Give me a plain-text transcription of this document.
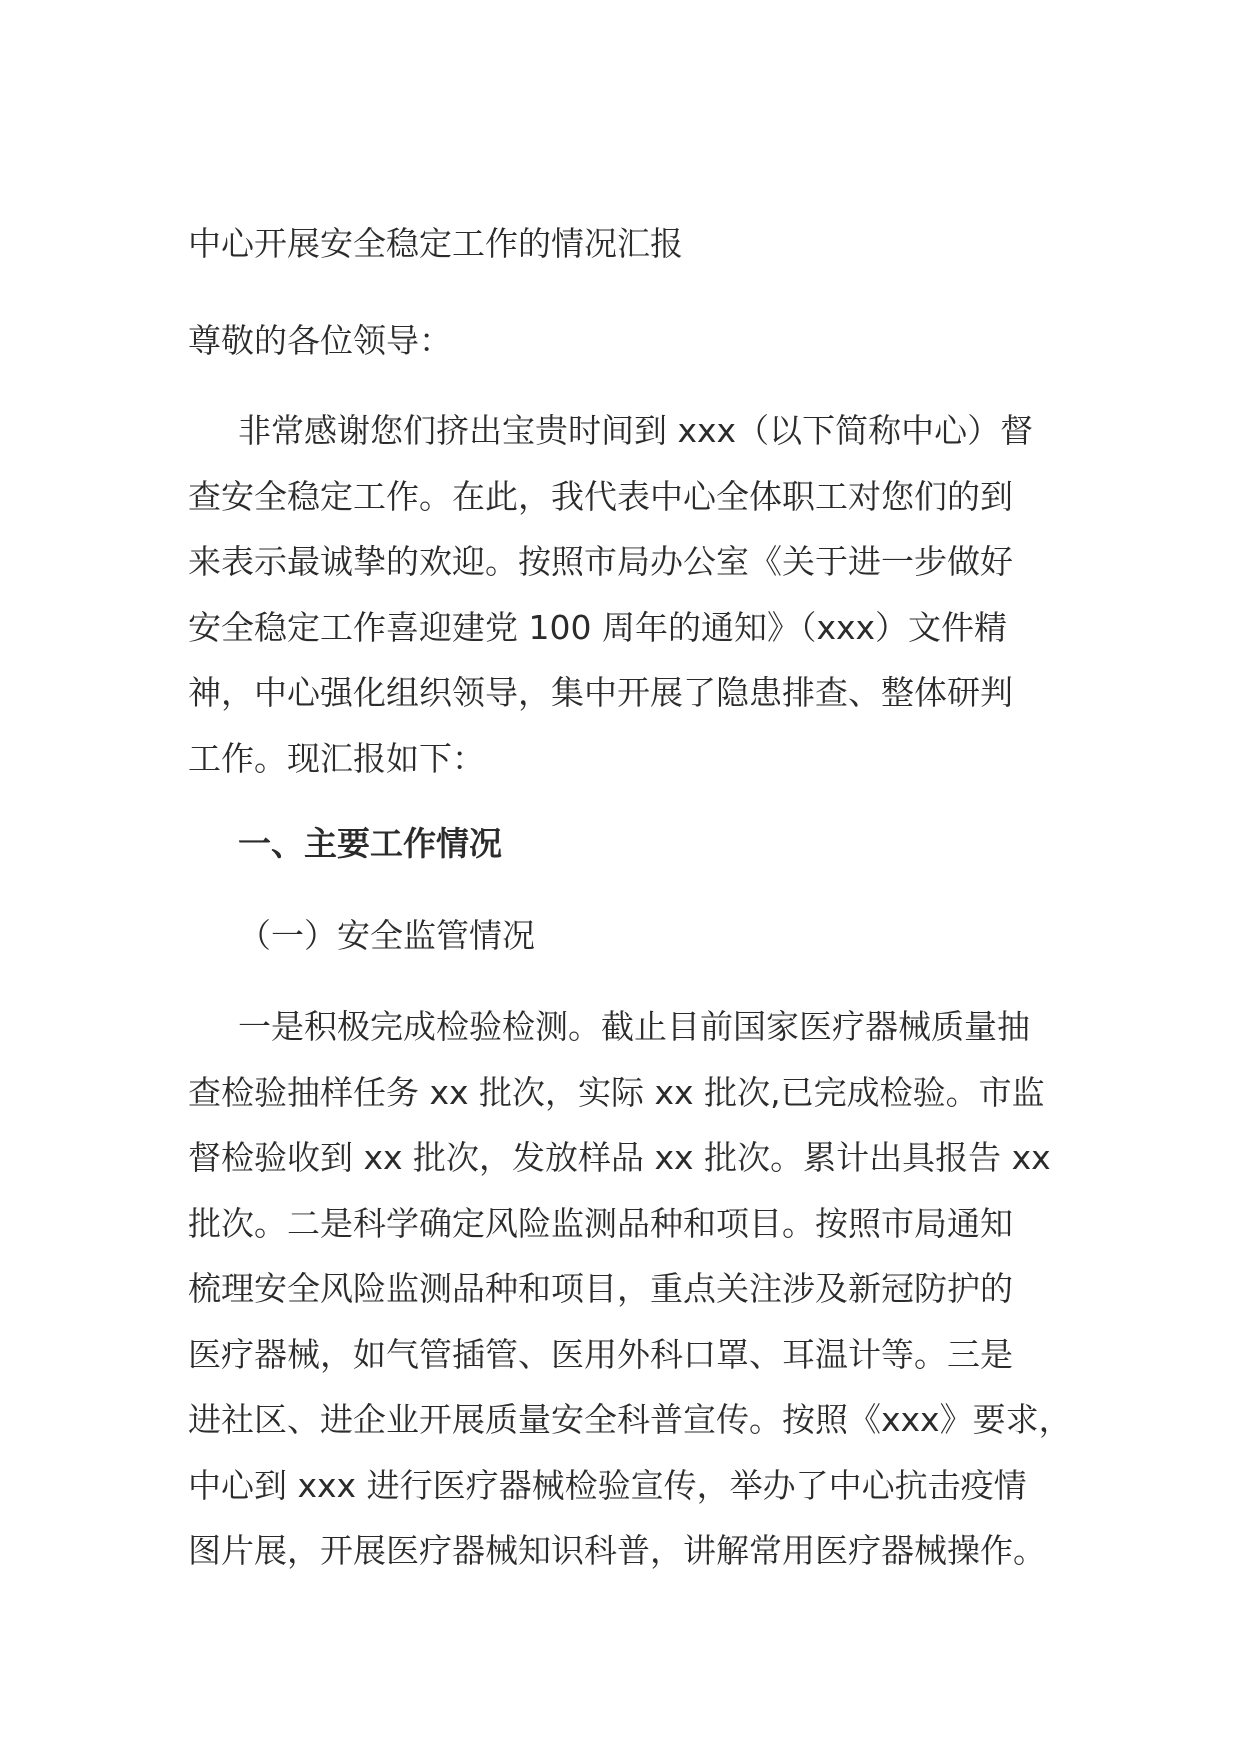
中心开展安全稳定工作的情况汇报
尊敬的各位领导：
非常感谢您们挤出宝贵时间到 xxx（以下简称中心）督
查安全稳定工作。在此，我代表中心全体职工对您们的到
来表示最诚挚的欢迎。按照市局办公室《关于进一步做好
安全稳定工作喜迎建党 100 周年的通知》（xxx）文件精
神，中心强化组织领导，集中开展了隐患排查、整体研判
工作。现汇报如下：
一、主要工作情况
（一）安全监管情况
一是积极完成检验检测。截止目前国家医疗器械质量抽
查检验抽样任务 xx 批次，实际 xx 批次,已完成检验。市监
督检验收到 xx 批次，发放样品 xx 批次。累计出具报告 xx
批次。二是科学确定风险监测品种和项目。按照市局通知
梳理安全风险监测品种和项目，重点关注涉及新冠防护的
医疗器械，如气管插管、医用外科口罩、耳温计等。三是
进社区、进企业开展质量安全科普宣传。按照《xxx》要求，
中心到 xxx 进行医疗器械检验宣传，举办了中心抗击疫情
图片展，开展医疗器械知识科普，讲解常用医疗器械操作。
